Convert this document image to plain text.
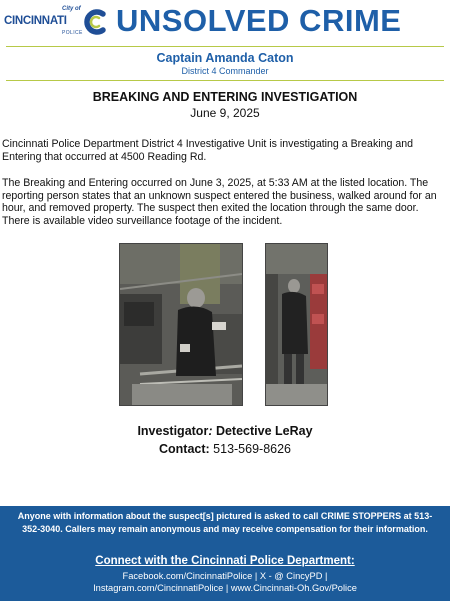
City of
CINCINNATI
POLICE UNSOLVED CRIME
Captain Amanda Caton
District 4 Commander
BREAKING AND ENTERING INVESTIGATION
June 9, 2025
Cincinnati Police Department District 4 Investigative Unit is investigating a Breaking and Entering that occurred at 4500 Reading Rd.
The Breaking and Entering occurred on June 3, 2025, at 5:33 AM at the listed location. The reporting person states that an unknown suspect entered the business, walked around for an hour, and removed property. The suspect then exited the location through the same door. There is available video surveillance footage of the incident.
Investigator: Detective LeRay
Contact: 513-569-8626
Anyone with information about the suspect[s] pictured is asked to call CRIME STOPPERS at 513-352-3040. Callers may remain anonymous and may receive compensation for their information.
Connect with the Cincinnati Police Department:
Facebook.com/CincinnatiPolice | X - @ CincyPD |
Instagram.com/CincinnatiPolice | www.Cincinnati-Oh.Gov/Police
